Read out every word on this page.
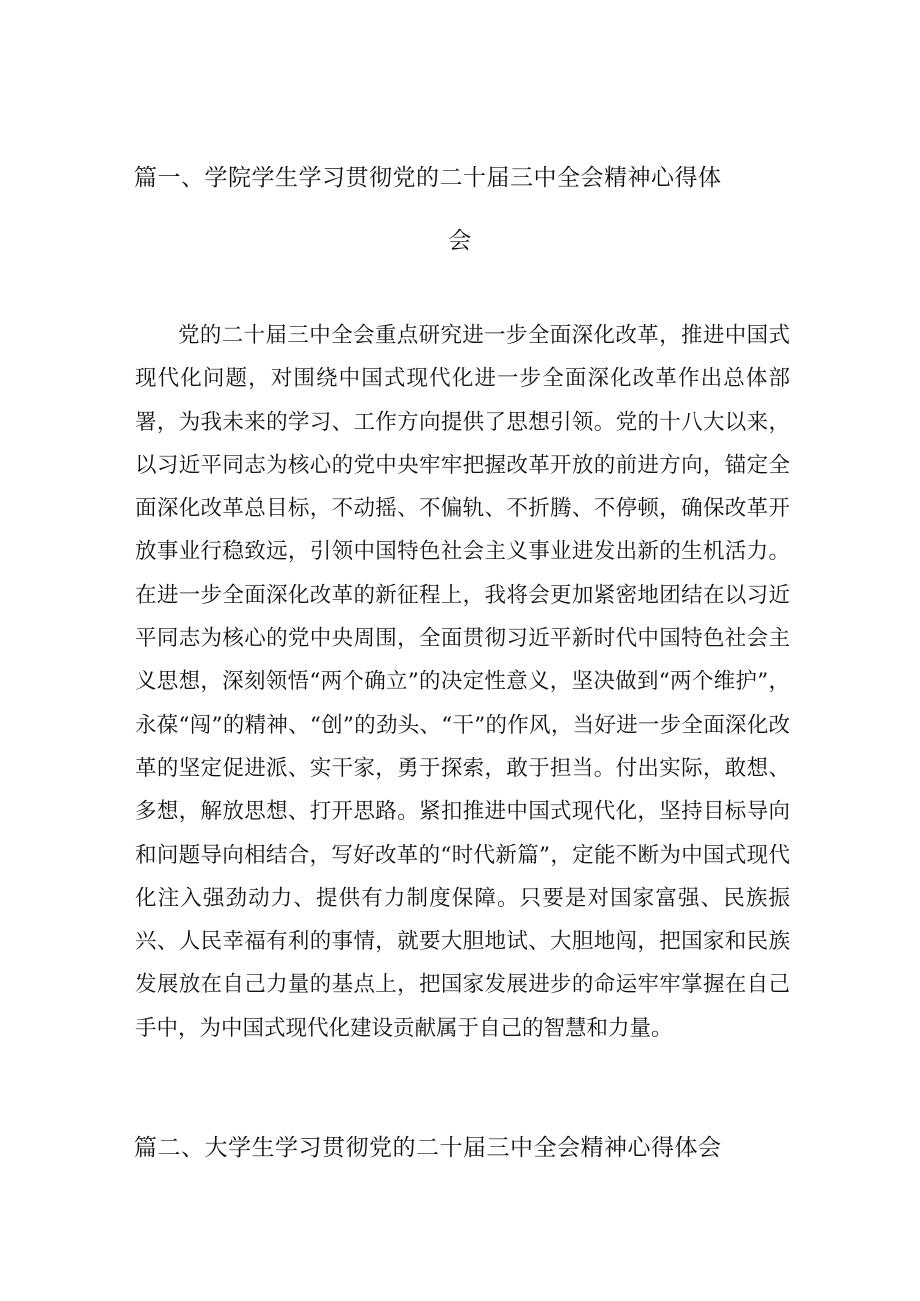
篇一、学院学生学习贯彻党的二十届三中全会精神心得体
会

党的二十届三中全会重点研究进一步全面深化改革，推进中国式现代化问题，对围绕中国式现代化进一步全面深化改革作出总体部署，为我未来的学习、工作方向提供了思想引领。党的十八大以来，以习近平同志为核心的党中央牢牢把握改革开放的前进方向，锚定全面深化改革总目标，不动摇、不偏轨、不折腾、不停顿，确保改革开放事业行稳致远，引领中国特色社会主义事业进发出新的生机活力。在进一步全面深化改革的新征程上，我将会更加紧密地团结在以习近平同志为核心的党中央周围，全面贯彻习近平新时代中国特色社会主义思想，深刻领悟“两个确立”的决定性意义，坚决做到“两个维护”，永葆“闯”的精神、“创”的劲头、“干”的作风，当好进一步全面深化改革的坚定促进派、实干家，勇于探索，敢于担当。付出实际，敢想、多想，解放思想、打开思路。紧扣推进中国式现代化，坚持目标导向和问题导向相结合，写好改革的“时代新篇”，定能不断为中国式现代化注入强劲动力、提供有力制度保障。只要是对国家富强、民族振兴、人民幸福有利的事情，就要大胆地试、大胆地闯，把国家和民族发展放在自己力量的基点上，把国家发展进步的命运牢牢掌握在自己手中，为中国式现代化建设贡献属于自己的智慧和力量。

篇二、大学生学习贯彻党的二十届三中全会精神心得体会
